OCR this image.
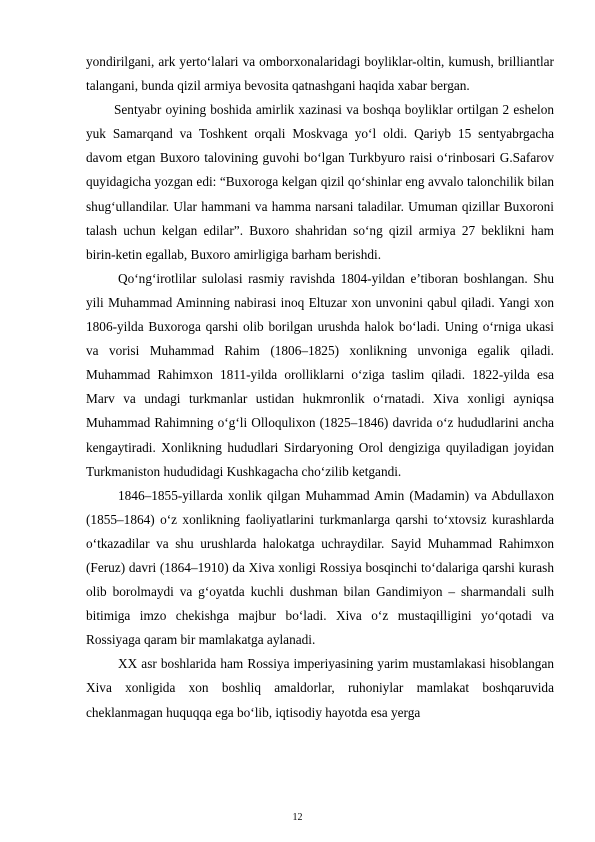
yondirilgani, ark yerto‘lalari va omborxonalaridagi boyliklar-oltin, kumush, brilliantlar talangani, bunda qizil armiya bevosita qatnashgani haqida xabar bergan.

Sentyabr oyining boshida amirlik xazinasi va boshqa boyliklar ortilgan 2 eshelon yuk Samarqand va Toshkent orqali Moskvaga yo‘l oldi. Qariyb 15 sentyabrgacha davom etgan Buxoro talovining guvohi bo‘lgan Turkbyuro raisi o‘rinbosari G.Safarov quyidagicha yozgan edi: “Buxoroga kelgan qizil qo‘shinlar eng avvalo talonchilik bilan shug‘ullandilar. Ular hammani va hamma narsani taladilar. Umuman qizillar Buxoroni talash uchun kelgan edilar”. Buxoro shahridan so‘ng qizil armiya 27 beklikni ham birin-ketin egallab, Buxoro amirligiga barham berishdi.

Qo‘ng‘irotlilar sulolasi rasmiy ravishda 1804-yildan e’tiboran boshlangan. Shu yili Muhammad Aminning nabirasi inoq Eltuzar xon unvonini qabul qiladi. Yangi xon 1806-yilda Buxoroga qarshi olib borilgan urushda halok bo‘ladi. Uning o‘rniga ukasi va vorisi Muhammad Rahim (1806–1825) xonlikning unvoniga egalik qiladi. Muhammad Rahimxon 1811-yilda orolliklarni o‘ziga taslim qiladi. 1822-yilda esa Marv va undagi turkmanlar ustidan hukmronlik o‘rnatadi. Xiva xonligi ayniqsa Muhammad Rahimning o‘g‘li Olloqulixon (1825–1846) davrida o‘z hududlarini ancha kengaytiradi. Xonlikning hududlari Sirdaryoning Orol dengiziga quyiladigan joyidan Turkmaniston hududidagi Kushkagacha cho‘zilib ketgandi.

1846–1855-yillarda xonlik qilgan Muhammad Amin (Madamin) va Abdullaxon (1855–1864) o‘z xonlikning faoliyatlarini turkmanlarga qarshi to‘xtovsiz kurashlarda o‘tkazadilar va shu urushlarda halokatga uchraydilar. Sayid Muhammad Rahimxon (Feruz) davri (1864–1910) da Xiva xonligi Rossiya bosqinchi to‘dalariga qarshi kurash olib borolmaydi va g‘oyatda kuchli dushman bilan Gandimiyon – sharmandali sulh bitimiga imzo chekishga majbur bo‘ladi. Xiva o‘z mustaqilligini yo‘qotadi va Rossiyaga qaram bir mamlakatga aylanadi.

XX asr boshlarida ham Rossiya imperiyasining yarim mustamlakasi hisoblangan Xiva xonligida xon boshliq amaldorlar, ruhoniylar mamlakat boshqaruvida cheklanmagan huquqqa ega bo‘lib, iqtisodiy hayotda esa yerga

12
